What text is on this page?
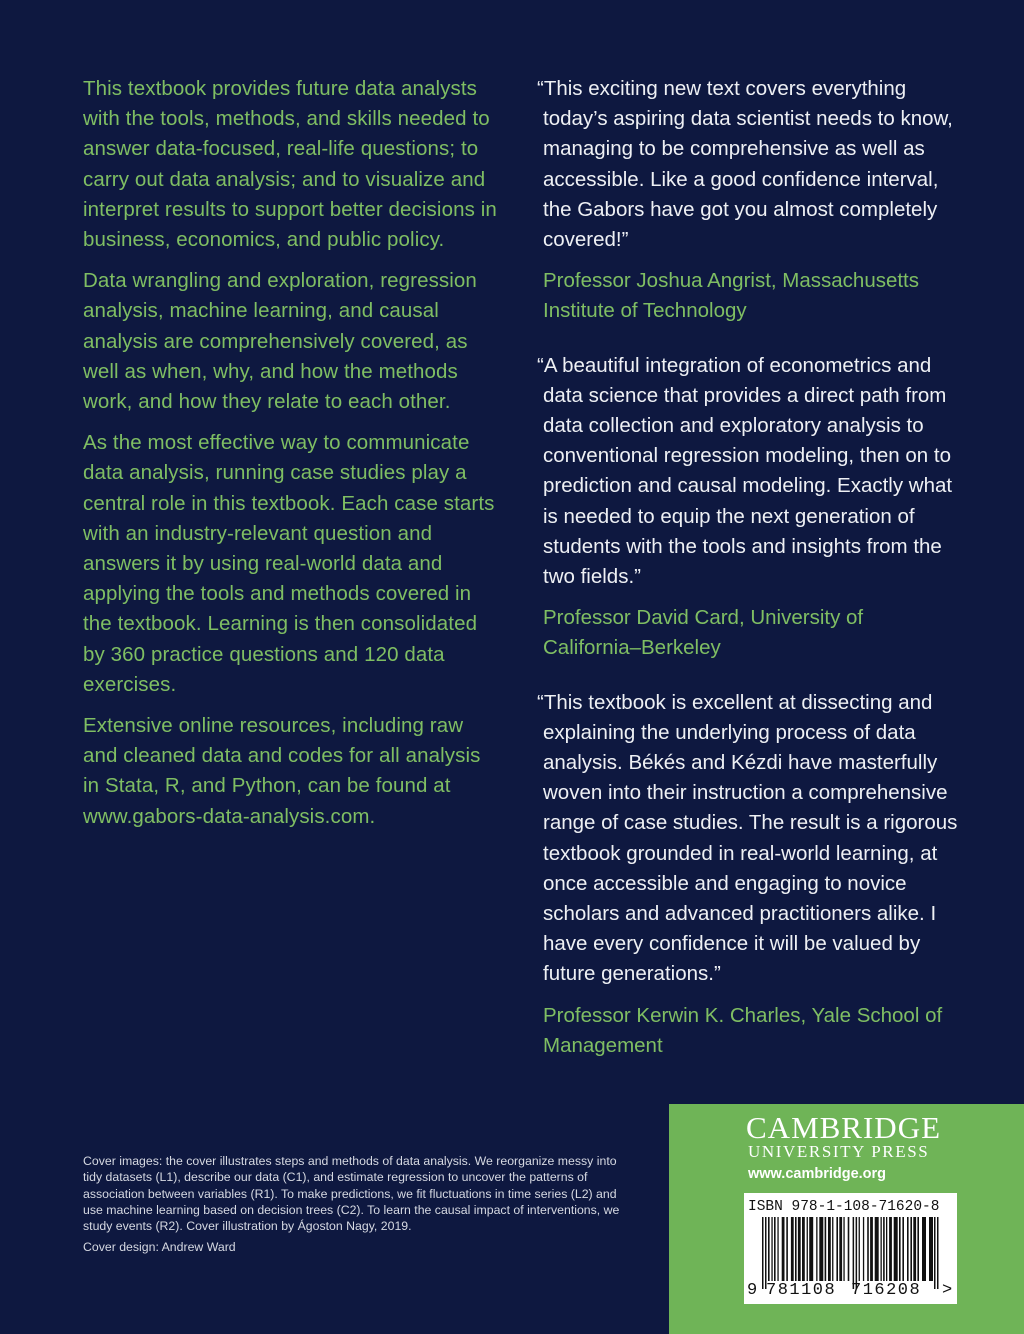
This textbook provides future data analysts with the tools, methods, and skills needed to answer data-focused, real-life questions; to carry out data analysis; and to visualize and interpret results to support better decisions in business, economics, and public policy.

Data wrangling and exploration, regression analysis, machine learning, and causal analysis are comprehensively covered, as well as when, why, and how the methods work, and how they relate to each other.

As the most effective way to communicate data analysis, running case studies play a central role in this textbook. Each case starts with an industry-relevant question and answers it by using real-world data and applying the tools and methods covered in the textbook. Learning is then consolidated by 360 practice questions and 120 data exercises.

Extensive online resources, including raw and cleaned data and codes for all analysis in Stata, R, and Python, can be found at www.gabors-data-analysis.com.

“This exciting new text covers everything today’s aspiring data scientist needs to know, managing to be comprehensive as well as accessible. Like a good confidence interval, the Gabors have got you almost completely covered!”

Professor Joshua Angrist, Massachusetts Institute of Technology

“A beautiful integration of econometrics and data science that provides a direct path from data collection and exploratory analysis to conventional regression modeling, then on to prediction and causal modeling. Exactly what is needed to equip the next generation of students with the tools and insights from the two fields.”

Professor David Card, University of California–Berkeley

“This textbook is excellent at dissecting and explaining the underlying process of data analysis. Békés and Kézdi have masterfully woven into their instruction a comprehensive range of case studies. The result is a rigorous textbook grounded in real-world learning, at once accessible and engaging to novice scholars and advanced practitioners alike. I have every confidence it will be valued by future generations.”

Professor Kerwin K. Charles, Yale School of Management

Cover images: the cover illustrates steps and methods of data analysis. We reorganize messy into tidy datasets (L1), describe our data (C1), and estimate regression to uncover the patterns of association between variables (R1). To make predictions, we fit fluctuations in time series (L2) and use machine learning based on decision trees (C2). To learn the causal impact of interventions, we study events (R2). Cover illustration by Ágoston Nagy, 2019.

Cover design: Andrew Ward

CAMBRIDGE
UNIVERSITY PRESS
www.cambridge.org
ISBN 978-1-108-71620-8
9 781108 716208 >
